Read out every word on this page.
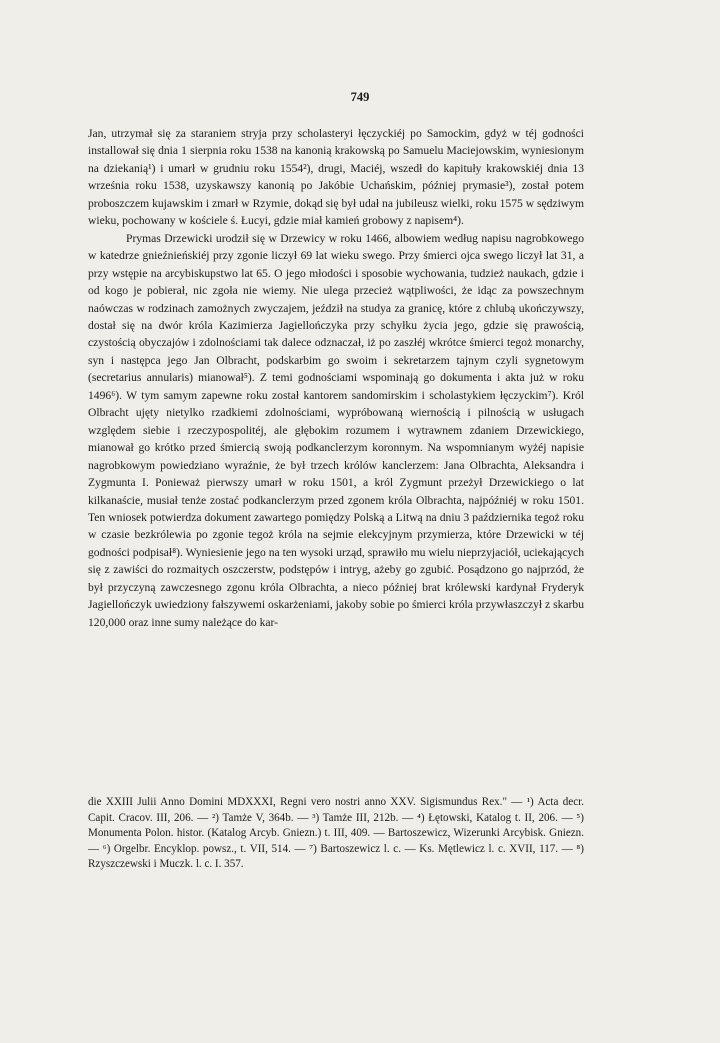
749

Jan, utrzymał się za staraniem stryja przy scholasteryi łęczyckiéj po Samockim, gdyż w téj godności installował się dnia 1 sierpnia roku 1538 na kanonią krakowską po Samuelu Maciejowskim, wyniesionym na dziekanią¹) i umarł w grudniu roku 1554²), drugi, Maciéj, wszedł do kapituły krakowskiéj dnia 13 września roku 1538, uzyskawszy kanonią po Jakóbie Uchańskim, później prymasie³), został potem proboszczem kujawskim i zmarł w Rzymie, dokąd się był udał na jubileusz wielki, roku 1575 w sędziwym wieku, pochowany w kościele ś. Łucyi, gdzie miał kamień grobowy z napisem⁴).

Prymas Drzewicki urodził się w Drzewicy w roku 1466, albowiem według napisu nagrobkowego w katedrze gnieźnieńskiéj przy zgonie liczył 69 lat wieku swego. Przy śmierci ojca swego liczył lat 31, a przy wstępie na arcybiskupstwo lat 65. O jego młodości i sposobie wychowania, tudzież naukach, gdzie i od kogo je pobierał, nic zgoła nie wiemy. Nie ulega przecież wątpliwości, że idąc za powszechnym naówczas w rodzinach zamożnych zwyczajem, jeździł na studya za granicę, które z chlubą ukończywszy, dostał się na dwór króla Kazimierza Jagiellończyka przy schyłku życia jego, gdzie się prawością, czystością obyczajów i zdolnościami tak dalece odznaczał, iż po zaszłéj wkrótce śmierci tegoż monarchy, syn i następca jego Jan Olbracht, podskarbim go swoim i sekretarzem tajnym czyli sygnetowym (secretarius annularis) mianował⁵). Z temi godnościami wspominają go dokumenta i akta już w roku 1496⁶). W tym samym zapewne roku został kantorem sandomirskim i scholastykiem łęczyckim⁷). Król Olbracht ujęty nietylko rzadkiemi zdolnościami, wypróbowaną wiernością i pilnością w usługach względem siebie i rzeczypospolitéj, ale głębokim rozumem i wytrawnem zdaniem Drzewickiego, mianował go krótko przed śmiercią swoją podkanclerzym koronnym. Na wspomnianym wyżéj napisie nagrobkowym powiedziano wyraźnie, że był trzech królów kanclerzem: Jana Olbrachta, Aleksandra i Zygmunta I. Ponieważ pierwszy umarł w roku 1501, a król Zygmunt przeżył Drzewickiego o lat kilkanaście, musiał tenże zostać podkanclerzym przed zgonem króla Olbrachta, najpóźniéj w roku 1501. Ten wniosek potwierdza dokument zawartego pomiędzy Polską a Litwą na dniu 3 października tegoż roku w czasie bezkrólewia po zgonie tegoż króla na sejmie elekcyjnym przymierza, które Drzewicki w téj godności podpisał⁸). Wyniesienie jego na ten wysoki urząd, sprawiło mu wielu nieprzyjaciół, uciekających się z zawiści do rozmaitych oszczerstw, podstępów i intryg, ażeby go zgubić. Posądzono go najprzód, że był przyczyną zawczesnego zgonu króla Olbrachta, a nieco później brat królewski kardynał Fryderyk Jagiellończyk uwiedziony fałszywemi oskarżeniami, jakoby sobie po śmierci króla przywłaszczył z skarbu 120,000 oraz inne sumy należące do kar-

die XXIII Julii Anno Domini MDXXXI, Regni vero nostri anno XXV. Sigismundus Rex." — ¹) Acta decr. Capit. Cracov. III, 206. — ²) Tamże V, 364b. — ³) Tamże III, 212b. — ⁴) Łętowski, Katalog t. II, 206. — ⁵) Monumenta Polon. histor. (Katalog Arcyb. Gniezn.) t. III, 409. — Bartoszewicz, Wizerunki Arcybisk. Gniezn. — ⁶) Orgelbr. Encyklop. powsz., t. VII, 514. — ⁷) Bartoszewicz l. c. — Ks. Mętlewicz l. c. XVII, 117. — ⁸) Rzyszczewski i Muczk. l. c. I. 357.
